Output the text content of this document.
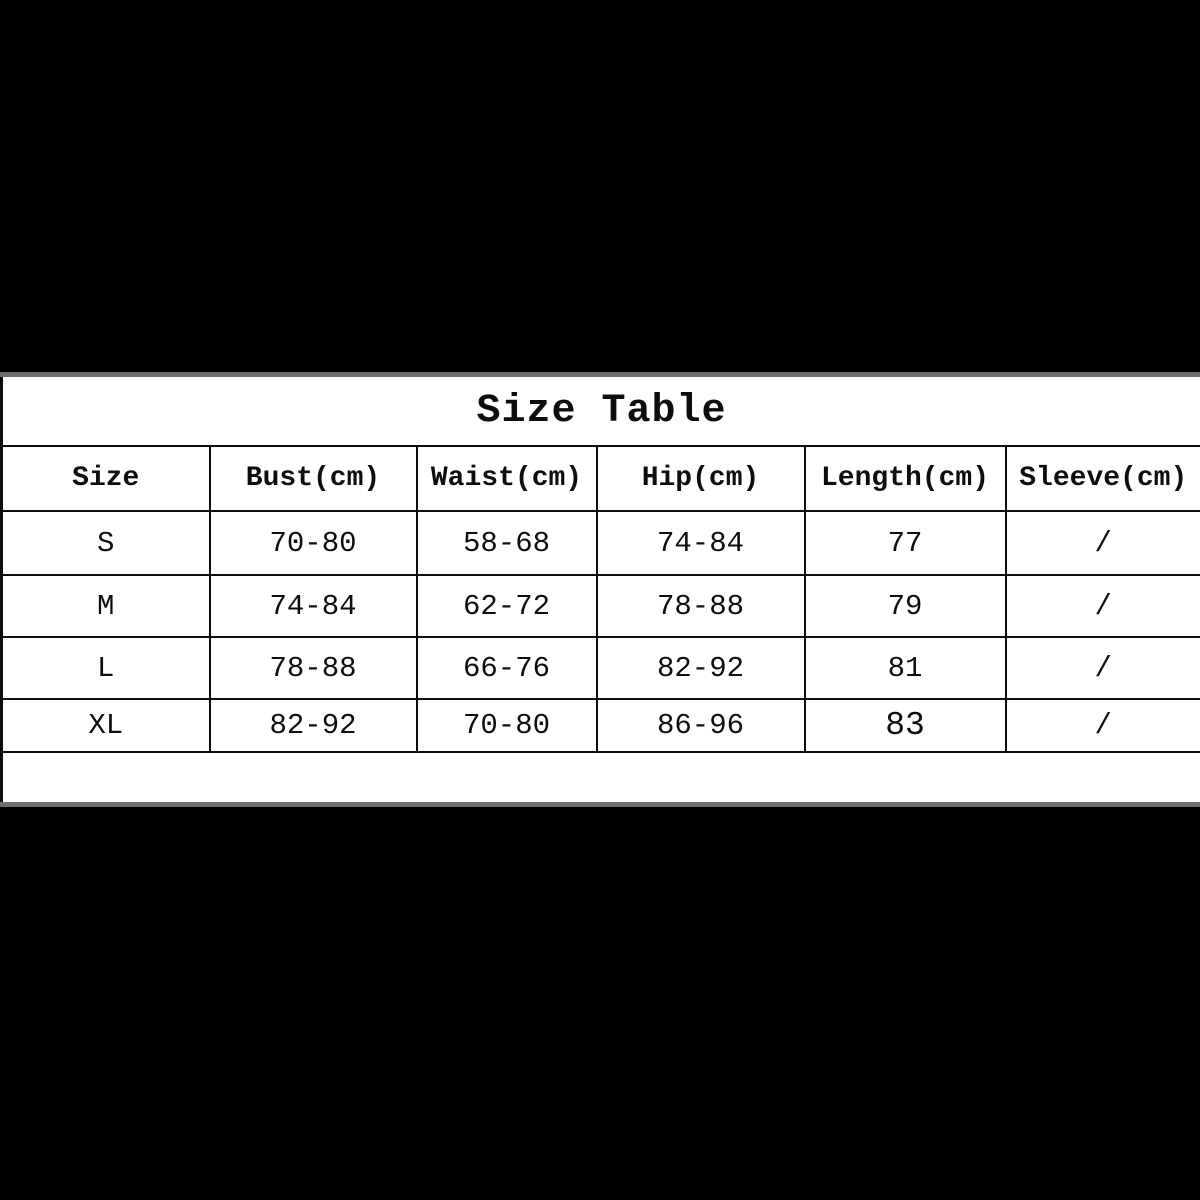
Size Table					
Size	Bust(cm)	Waist(cm)	Hip(cm)	Length(cm)	Sleeve(cm)
S	70-80	58-68	74-84	77	/
M	74-84	62-72	78-88	79	/
L	78-88	66-76	82-92	81	/
XL	82-92	70-80	86-96	83	/
